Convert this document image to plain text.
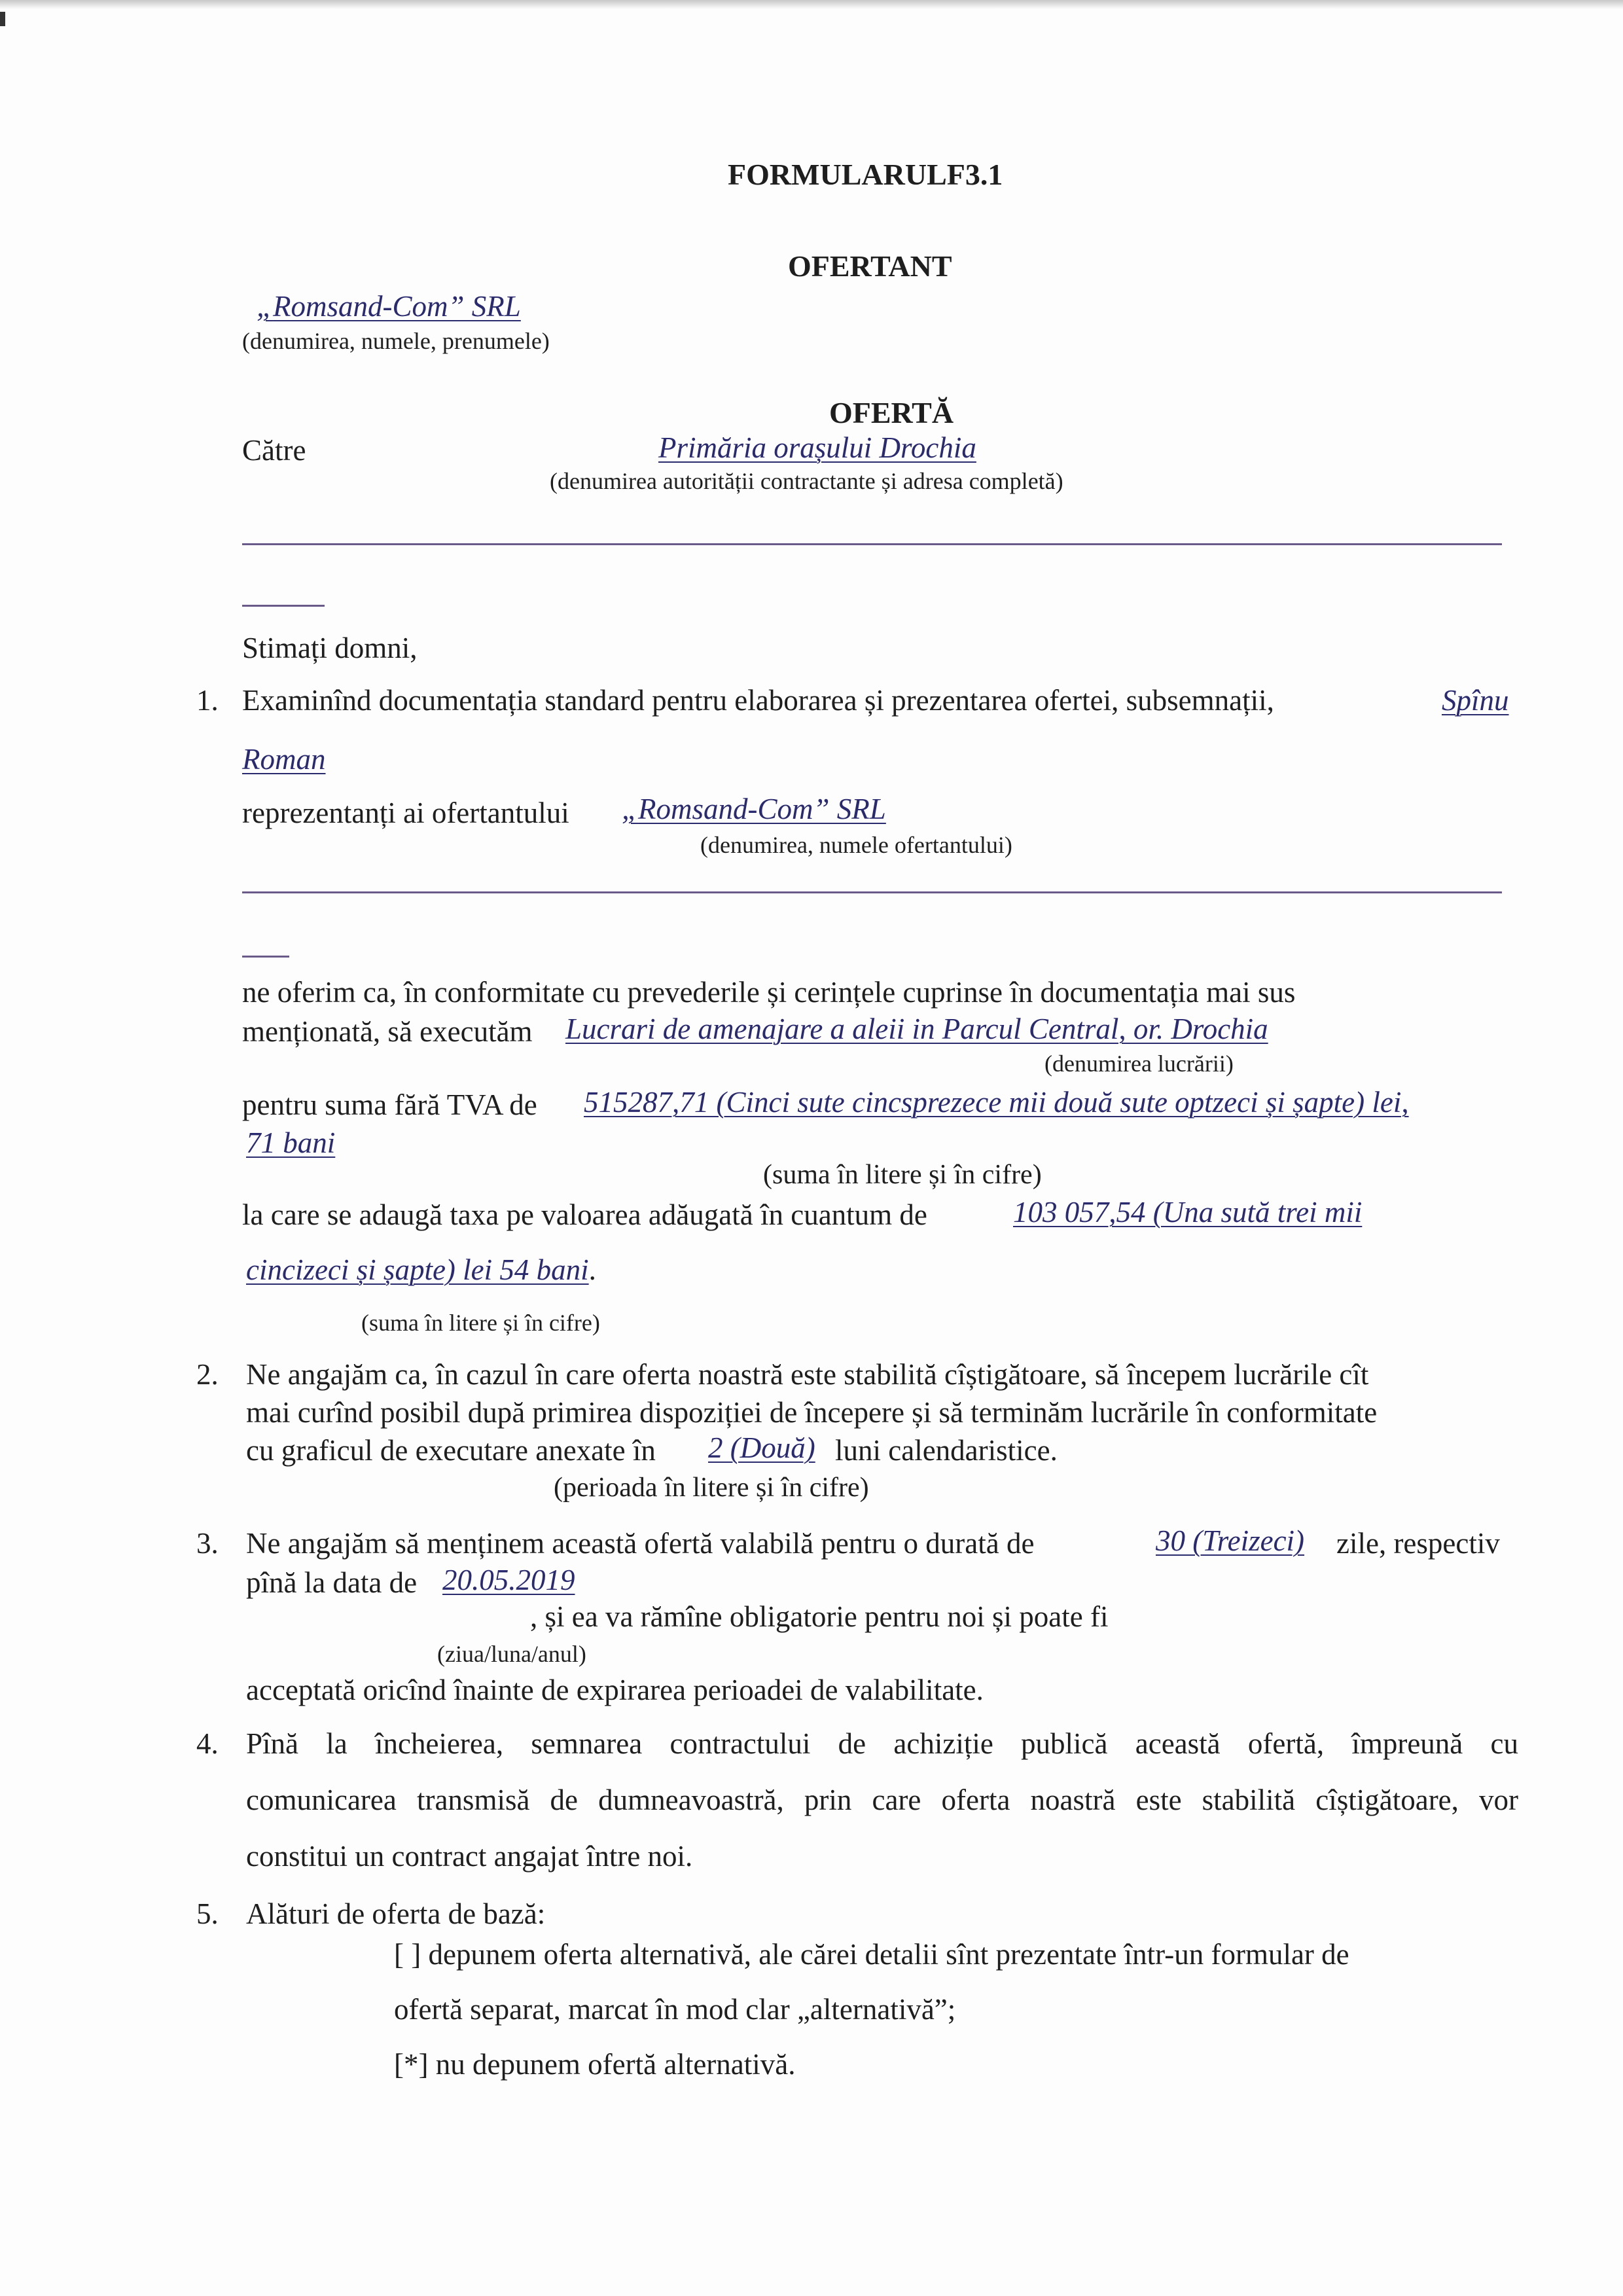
FORMULARULF3.1
OFERTANT
„Romsand-Com” SRL
(denumirea, numele, prenumele)
OFERTĂ
Către	Primăria orașului Drochia
(denumirea autorității contractante și adresa completă)
Stimați domni,
1. Examinînd documentația standard pentru elaborarea și prezentarea ofertei, subsemnații,	Spînu
Roman
reprezentanți ai ofertantului „Romsand-Com” SRL
(denumirea, numele ofertantului)
ne oferim ca, în conformitate cu prevederile și cerințele cuprinse în documentația mai sus
menționată, să executăm Lucrari de amenajare a aleii in Parcul Central, or. Drochia
(denumirea lucrării)
pentru suma fără TVA de 515287,71 (Cinci sute cincsprezece mii două sute optzeci și șapte) lei,
71 bani
(suma în litere și în cifre)
la care se adaugă taxa pe valoarea adăugată în cuantum de	103 057,54 (Una sută trei mii
cincizeci și șapte) lei 54 bani.
(suma în litere și în cifre)
2. Ne angajăm ca, în cazul în care oferta noastră este stabilită cîștigătoare, să începem lucrările cît
mai curînd posibil după primirea dispoziției de începere și să terminăm lucrările în conformitate
cu graficul de executare anexate în 2 (Două) luni calendaristice.
(perioada în litere și în cifre)
3. Ne angajăm să menținem această ofertă valabilă pentru o durată de	30 (Treizeci) zile, respectiv
pînă la data de 20.05.2019
, și ea va rămîne obligatorie pentru noi și poate fi
(ziua/luna/anul)
acceptată oricînd înainte de expirarea perioadei de valabilitate.
4. Pînă la încheierea, semnarea contractului de achiziție publică această ofertă, împreună cu
comunicarea transmisă de dumneavoastră, prin care oferta noastră este stabilită cîștigătoare, vor
constitui un contract angajat între noi.
5. Alături de oferta de bază:
[ ] depunem oferta alternativă, ale cărei detalii sînt prezentate într-un formular de
ofertă separat, marcat în mod clar „alternativă”;
[*] nu depunem ofertă alternativă.
